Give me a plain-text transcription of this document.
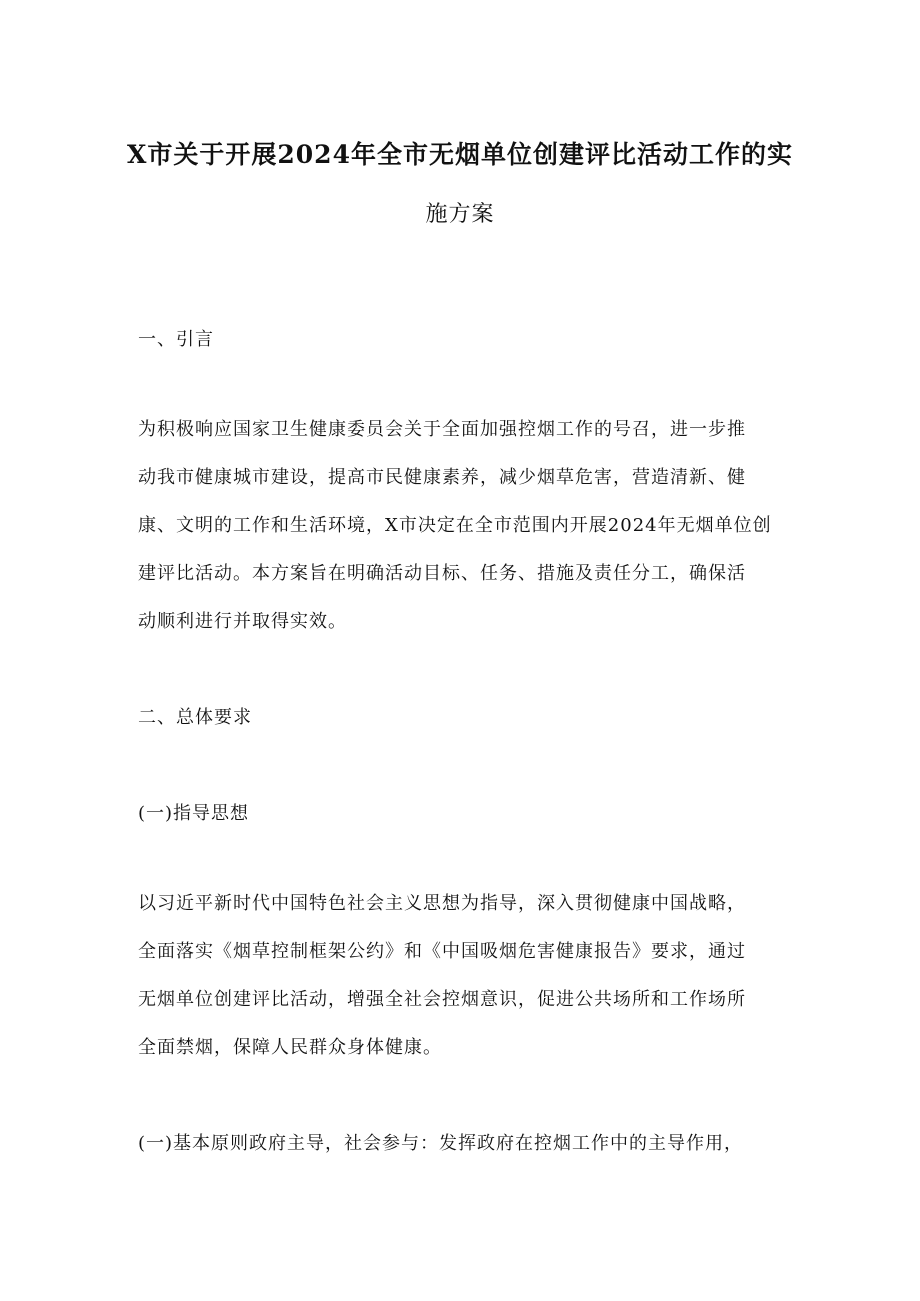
X市关于开展2024年全市无烟单位创建评比活动工作的实
施方案
一、引言
为积极响应国家卫生健康委员会关于全面加强控烟工作的号召，进一步推
动我市健康城市建设，提高市民健康素养，减少烟草危害，营造清新、健
康、文明的工作和生活环境，X市决定在全市范围内开展2024年无烟单位创
建评比活动。本方案旨在明确活动目标、任务、措施及责任分工，确保活
动顺利进行并取得实效。
二、总体要求
(一)指导思想
以习近平新时代中国特色社会主义思想为指导，深入贯彻健康中国战略，
全面落实《烟草控制框架公约》和《中国吸烟危害健康报告》要求，通过
无烟单位创建评比活动，增强全社会控烟意识，促进公共场所和工作场所
全面禁烟，保障人民群众身体健康。
(一)基本原则政府主导，社会参与：发挥政府在控烟工作中的主导作用，
